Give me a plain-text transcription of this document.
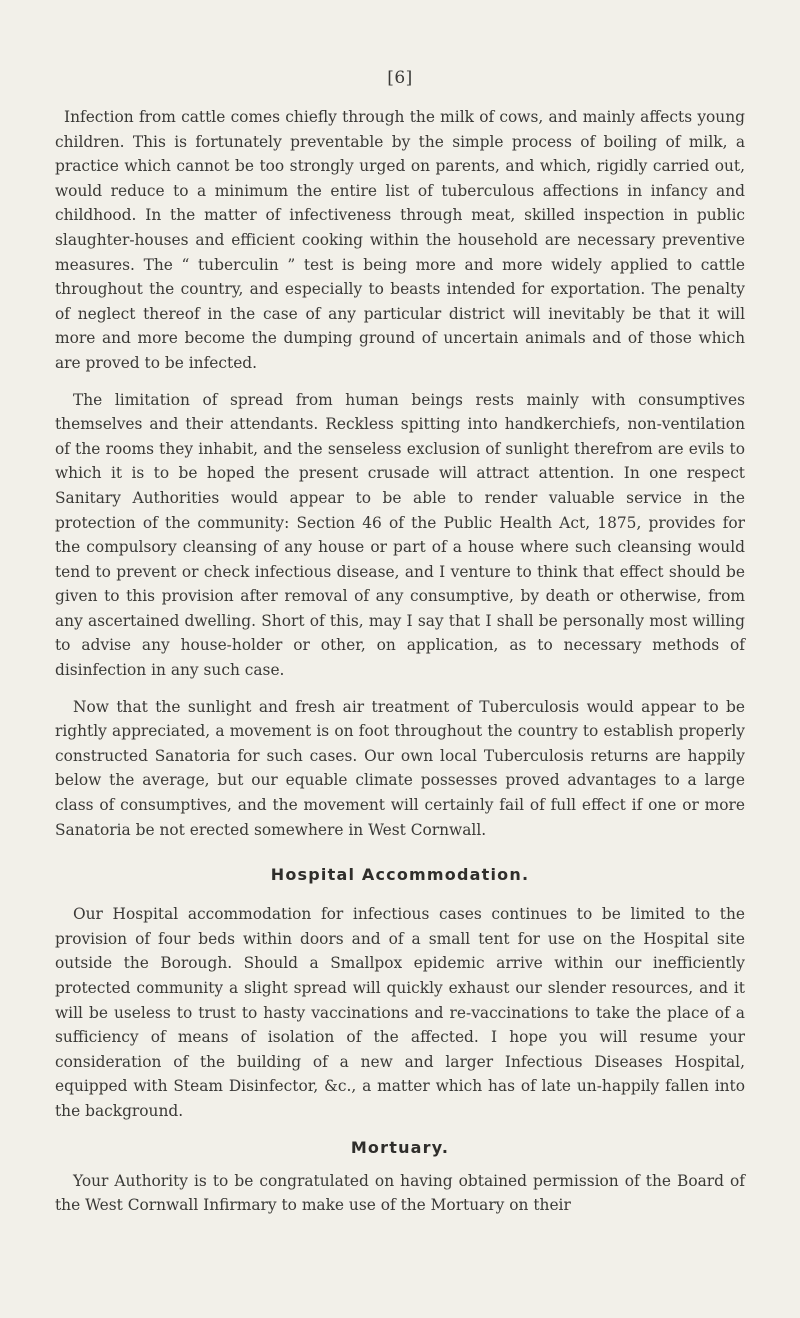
[6]

Infection from cattle comes chiefly through the milk of cows, and mainly affects young children. This is fortunately preventable by the simple process of boiling of milk, a practice which cannot be too strongly urged on parents, and which, rigidly carried out, would reduce to a minimum the entire list of tuberculous affections in infancy and childhood. In the matter of infectiveness through meat, skilled inspection in public slaughter-houses and efficient cooking within the household are necessary preventive measures. The “ tuberculin ” test is being more and more widely applied to cattle throughout the country, and especially to beasts intended for exportation. The penalty of neglect thereof in the case of any particular district will inevitably be that it will more and more become the dumping ground of uncertain animals and of those which are proved to be infected.

The limitation of spread from human beings rests mainly with consumptives themselves and their attendants. Reckless spitting into handkerchiefs, non-ventilation of the rooms they inhabit, and the senseless exclusion of sunlight therefrom are evils to which it is to be hoped the present crusade will attract attention. In one respect Sanitary Authorities would appear to be able to render valuable service in the protection of the community: Section 46 of the Public Health Act, 1875, provides for the compulsory cleansing of any house or part of a house where such cleansing would tend to prevent or check infectious disease, and I venture to think that effect should be given to this provision after removal of any consumptive, by death or otherwise, from any ascertained dwelling. Short of this, may I say that I shall be personally most willing to advise any house-holder or other, on application, as to necessary methods of disinfection in any such case.

Now that the sunlight and fresh air treatment of Tuberculosis would appear to be rightly appreciated, a movement is on foot throughout the country to establish properly constructed Sanatoria for such cases. Our own local Tuberculosis returns are happily below the average, but our equable climate possesses proved advantages to a large class of consumptives, and the movement will certainly fail of full effect if one or more Sanatoria be not erected somewhere in West Cornwall.

Hospital Accommodation.

Our Hospital accommodation for infectious cases continues to be limited to the provision of four beds within doors and of a small tent for use on the Hospital site outside the Borough. Should a Smallpox epidemic arrive within our inefficiently protected community a slight spread will quickly exhaust our slender resources, and it will be useless to trust to hasty vaccinations and re-vaccinations to take the place of a sufficiency of means of isolation of the affected. I hope you will resume your consideration of the building of a new and larger Infectious Diseases Hospital, equipped with Steam Disinfector, &c., a matter which has of late un-happily fallen into the background.

Mortuary.

Your Authority is to be congratulated on having obtained permission of the Board of the West Cornwall Infirmary to make use of the Mortuary on their
